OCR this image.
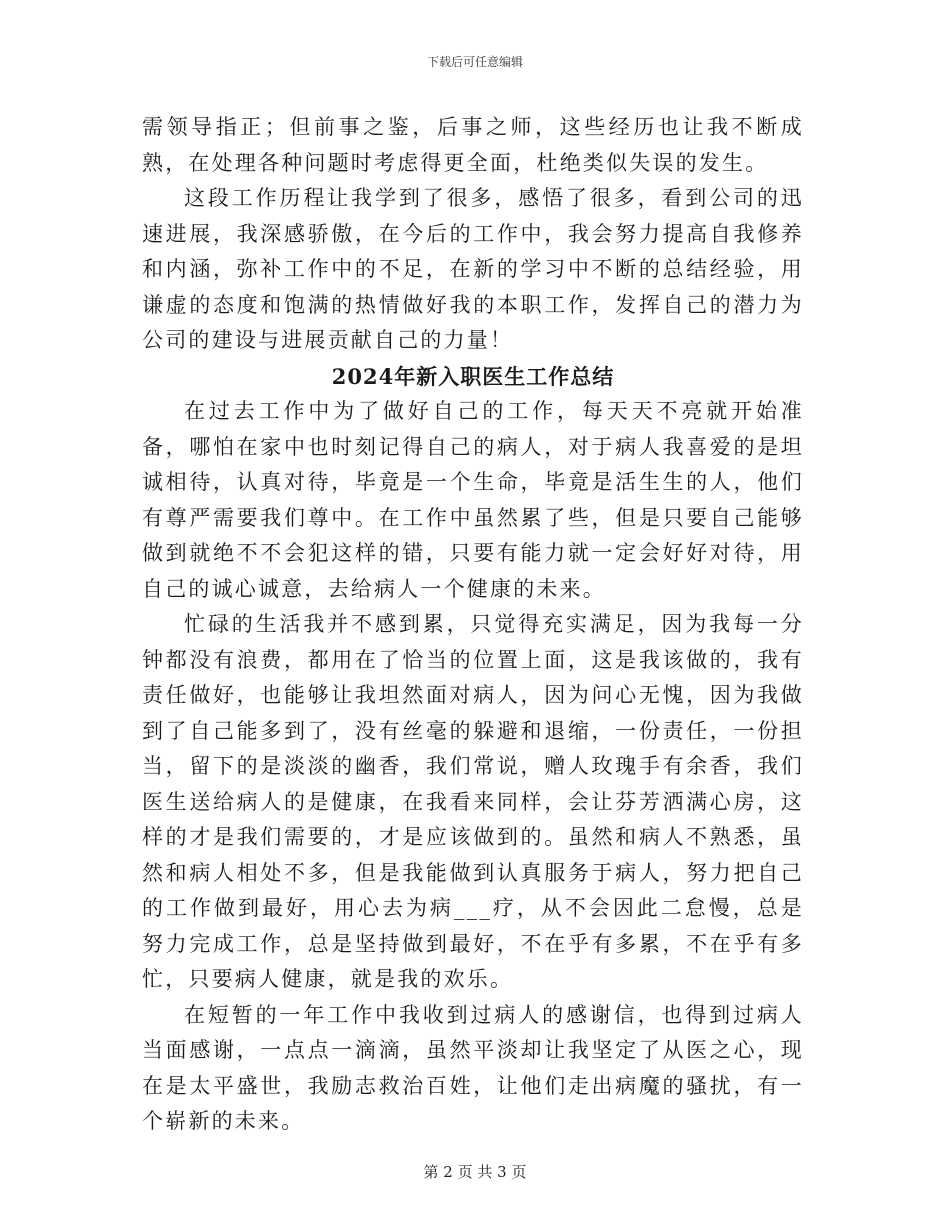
下载后可任意编辑

需领导指正；但前事之鉴，后事之师，这些经历也让我不断成熟，在处理各种问题时考虑得更全面，杜绝类似失误的发生。

这段工作历程让我学到了很多，感悟了很多，看到公司的迅速进展，我深感骄傲，在今后的工作中，我会努力提高自我修养和内涵，弥补工作中的不足，在新的学习中不断的总结经验，用谦虚的态度和饱满的热情做好我的本职工作，发挥自己的潜力为公司的建设与进展贡献自己的力量！

2024年新入职医生工作总结

在过去工作中为了做好自己的工作，每天天不亮就开始准备，哪怕在家中也时刻记得自己的病人，对于病人我喜爱的是坦诚相待，认真对待，毕竟是一个生命，毕竟是活生生的人，他们有尊严需要我们尊中。在工作中虽然累了些，但是只要自己能够做到就绝不不会犯这样的错，只要有能力就一定会好好对待，用自己的诚心诚意，去给病人一个健康的未来。

忙碌的生活我并不感到累，只觉得充实满足，因为我每一分钟都没有浪费，都用在了恰当的位置上面，这是我该做的，我有责任做好，也能够让我坦然面对病人，因为问心无愧，因为我做到了自己能多到了，没有丝毫的躲避和退缩，一份责任，一份担当，留下的是淡淡的幽香，我们常说，赠人玫瑰手有余香，我们医生送给病人的是健康，在我看来同样，会让芬芳洒满心房，这样的才是我们需要的，才是应该做到的。虽然和病人不熟悉，虽然和病人相处不多，但是我能做到认真服务于病人，努力把自己的工作做到最好，用心去为病___疗，从不会因此二怠慢，总是努力完成工作，总是坚持做到最好，不在乎有多累，不在乎有多忙，只要病人健康，就是我的欢乐。

在短暂的一年工作中我收到过病人的感谢信，也得到过病人当面感谢，一点点一滴滴，虽然平淡却让我坚定了从医之心，现在是太平盛世，我励志救治百姓，让他们走出病魔的骚扰，有一个崭新的未来。

第 2 页 共 3 页
